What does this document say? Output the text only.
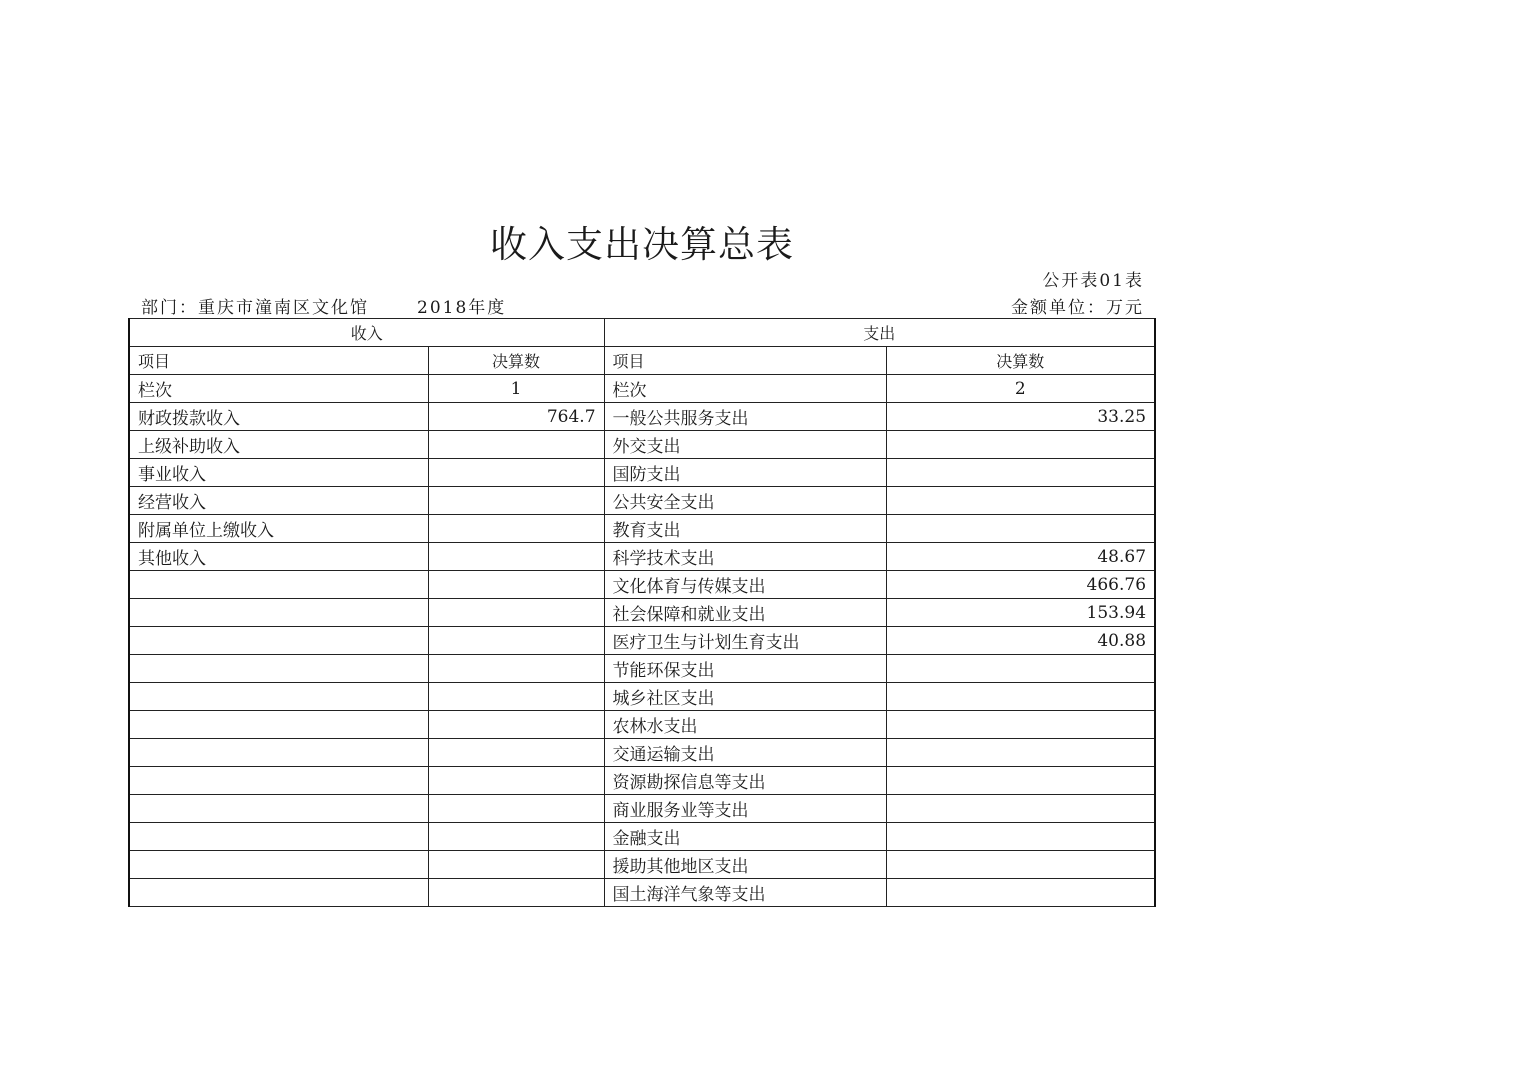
收入支出决算总表
公开表01表
部门：重庆市潼南区文化馆	2018年度	金额单位：万元
收入		支出	
项目	决算数	项目	决算数
栏次	1	栏次	2
财政拨款收入	764.7	一般公共服务支出	33.25
上级补助收入		外交支出	
事业收入		国防支出	
经营收入		公共安全支出	
附属单位上缴收入		教育支出	
其他收入		科学技术支出	48.67
		文化体育与传媒支出	466.76
		社会保障和就业支出	153.94
		医疗卫生与计划生育支出	40.88
		节能环保支出	
		城乡社区支出	
		农林水支出	
		交通运输支出	
		资源勘探信息等支出	
		商业服务业等支出	
		金融支出	
		援助其他地区支出	
		国土海洋气象等支出	
